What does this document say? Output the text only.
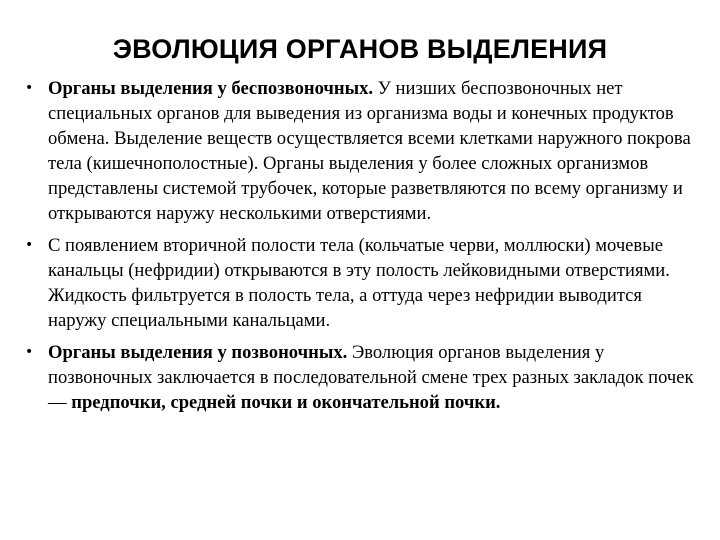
ЭВОЛЮЦИЯ ОРГАНОВ ВЫДЕЛЕНИЯ
• Органы выделения у беспозвоночных. У низших беспозвоночных нет специальных органов для выведения из организма воды и конечных продуктов обмена. Выделение веществ осуществляется всеми клетками наружного покрова тела (кишечнополостные). Органы выделения у более сложных организмов представлены системой трубочек, которые разветвляются по всему организму и открываются наружу несколькими отверстиями.
• С появлением вторичной полости тела (кольчатые черви, моллюски) мочевые канальцы (нефридии) открываются в эту полость лейковидными отверстиями. Жидкость фильтруется в полость тела, а оттуда через нефридии выводится наружу специальными канальцами.
• Органы выделения у позвоночных. Эволюция органов выделения у позвоночных заключается в последовательной смене трех разных закладок почек — предпочки, средней почки и окончательной почки.
